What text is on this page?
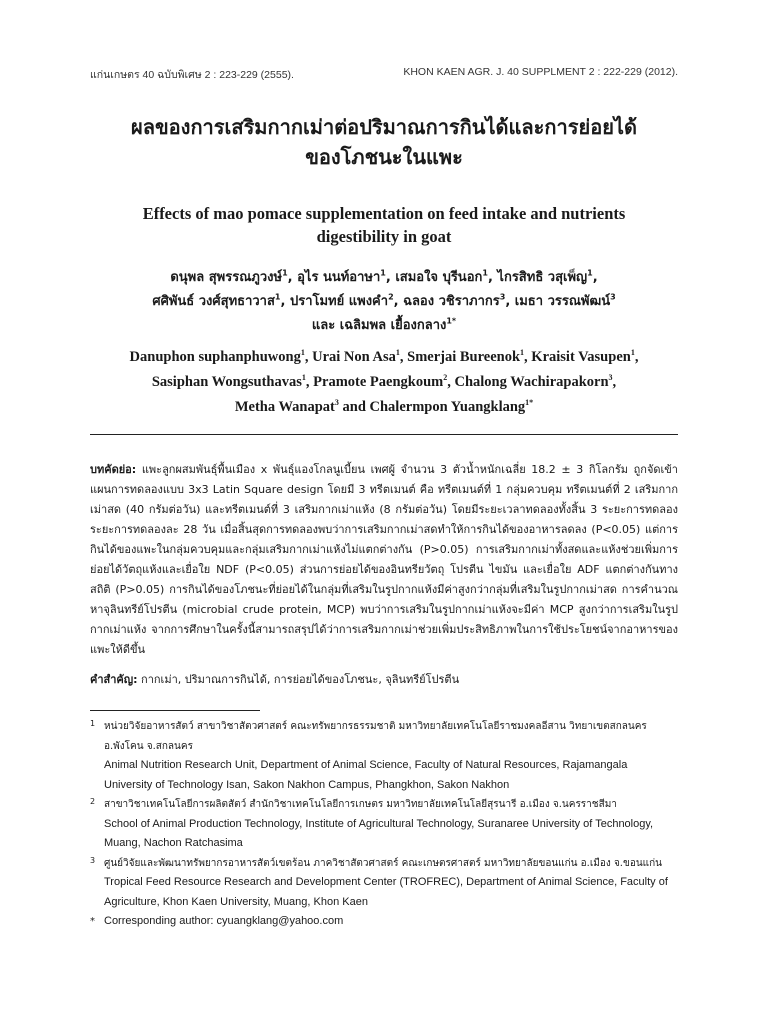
แก่นเกษตร 40 ฉบับพิเศษ 2 : 223-229 (2555).	KHON KAEN AGR. J. 40 SUPPLMENT 2 : 222-229 (2012).
ผลของการเสริมกากเม่าต่อปริมาณการกินได้และการย่อยได้
ของโภชนะในแพะ
Effects of mao pomace supplementation on feed intake and nutrients
digestibility in goat
ดนุพล สุพรรณภูวงษ์$^1$, อุไร นนท์อาษา$^1$, เสมอใจ บุรีนอก$^1$, ไกรสิทธิ วสุเพ็ญ$^1$,
ศศิพันธ์ วงศ์สุทธาวาส$^1$, ปราโมทย์ แพงคำ$^2$, ฉลอง วชิราภากร$^3$, เมธา วรรณพัฒน์$^3$
และ เฉลิมพล เยื้องกลาง$^{1*}$
Danuphon suphanphuwong$^1$, Urai Non Asa$^1$, Smerjai Bureenok$^1$, Kraisit Vasupen$^1$,
Sasiphan Wongsuthavas$^1$, Pramote Paengkoum$^2$, Chalong Wachirapakorn$^3$,
Metha Wanapat$^3$ and Chalermpon Yuangklang$^{1*}$
บทคัดย่อ: แพะลูกผสมพันธุ์พื้นเมือง x พันธุ์แองโกลนูเบี้ยน เพศผู้ จำนวน 3 ตัวน้ำหนักเฉลี่ย 18.2 ± 3 กิโลกรัม ถูกจัดเข้าแผนการทดลองแบบ 3x3 Latin Square design โดยมี 3 ทรีตเมนต์ คือ ทรีตเมนต์ที่ 1 กลุ่มควบคุม ทรีตเมนต์ที่ 2 เสริมกากเม่าสด (40 กรัมต่อวัน) และทรีตเมนต์ที่ 3 เสริมกากเม่าแห้ง (8 กรัมต่อวัน) โดยมีระยะเวลาทดลองทั้งสิ้น 3 ระยะการทดลอง ระยะการทดลองละ 28 วัน เมื่อสิ้นสุดการทดลองพบว่าการเสริมกากเม่าสดทำให้การกินได้ของอาหารลดลง (P<0.05) แต่การกินได้ของแพะในกลุ่มควบคุมและกลุ่มเสริมกากเม่าแห้งไม่แตกต่างกัน (P>0.05) การเสริมกากเม่าทั้งสดและแห้งช่วยเพิ่มการย่อยได้วัตถุแห้งและเยื่อใย NDF (P<0.05) ส่วนการย่อยได้ของอินทรียวัตถุ โปรตีน ไขมัน และเยื่อใย ADF แตกต่างกันทางสถิติ (P>0.05) การกินได้ของโภชนะที่ย่อยได้ในกลุ่มที่เสริมในรูปกากแห้งมีค่าสูงกว่ากลุ่มที่เสริมในรูปกากเม่าสด การคำนวณหาจุลินทรีย์โปรตีน (microbial crude protein, MCP) พบว่าการเสริมในรูปกากเม่าแห้งจะมีค่า MCP สูงกว่าการเสริมในรูปกากเม่าแห้ง จากการศึกษาในครั้งนี้สามารถสรุปได้ว่าการเสริมกากเม่าช่วยเพิ่มประสิทธิภาพในการใช้ประโยชน์จากอาหารของแพะให้ดีขึ้น
คำสำคัญ: กากเม่า, ปริมาณการกินได้, การย่อยได้ของโภชนะ, จุลินทรีย์โปรตีน
1 หน่วยวิจัยอาหารสัตว์ สาขาวิชาสัตวศาสตร์ คณะทรัพยากรธรรมชาติ มหาวิทยาลัยเทคโนโลยีราชมงคลอีสาน วิทยาเขตสกลนคร อ.พังโคน จ.สกลนคร
Animal Nutrition Research Unit, Department of Animal Science, Faculty of Natural Resources, Rajamangala University of Technology Isan, Sakon Nakhon Campus, Phangkhon, Sakon Nakhon
2 สาขาวิชาเทคโนโลยีการผลิตสัตว์ สำนักวิชาเทคโนโลยีการเกษตร มหาวิทยาลัยเทคโนโลยีสุรนารี อ.เมือง จ.นครราชสีมา
School of Animal Production Technology, Institute of Agricultural Technology, Suranaree University of Technology, Muang, Nachon Ratchasima
3 ศูนย์วิจัยและพัฒนาทรัพยากรอาหารสัตว์เขตร้อน ภาควิชาสัตวศาสตร์ คณะเกษตรศาสตร์ มหาวิทยาลัยขอนแก่น อ.เมือง จ.ขอนแก่น
Tropical Feed Resource Research and Development Center (TROFREC), Department of Animal Science, Faculty of Agriculture, Khon Kaen University, Muang, Khon Kaen
* Corresponding author: cyuangklang@yahoo.com
